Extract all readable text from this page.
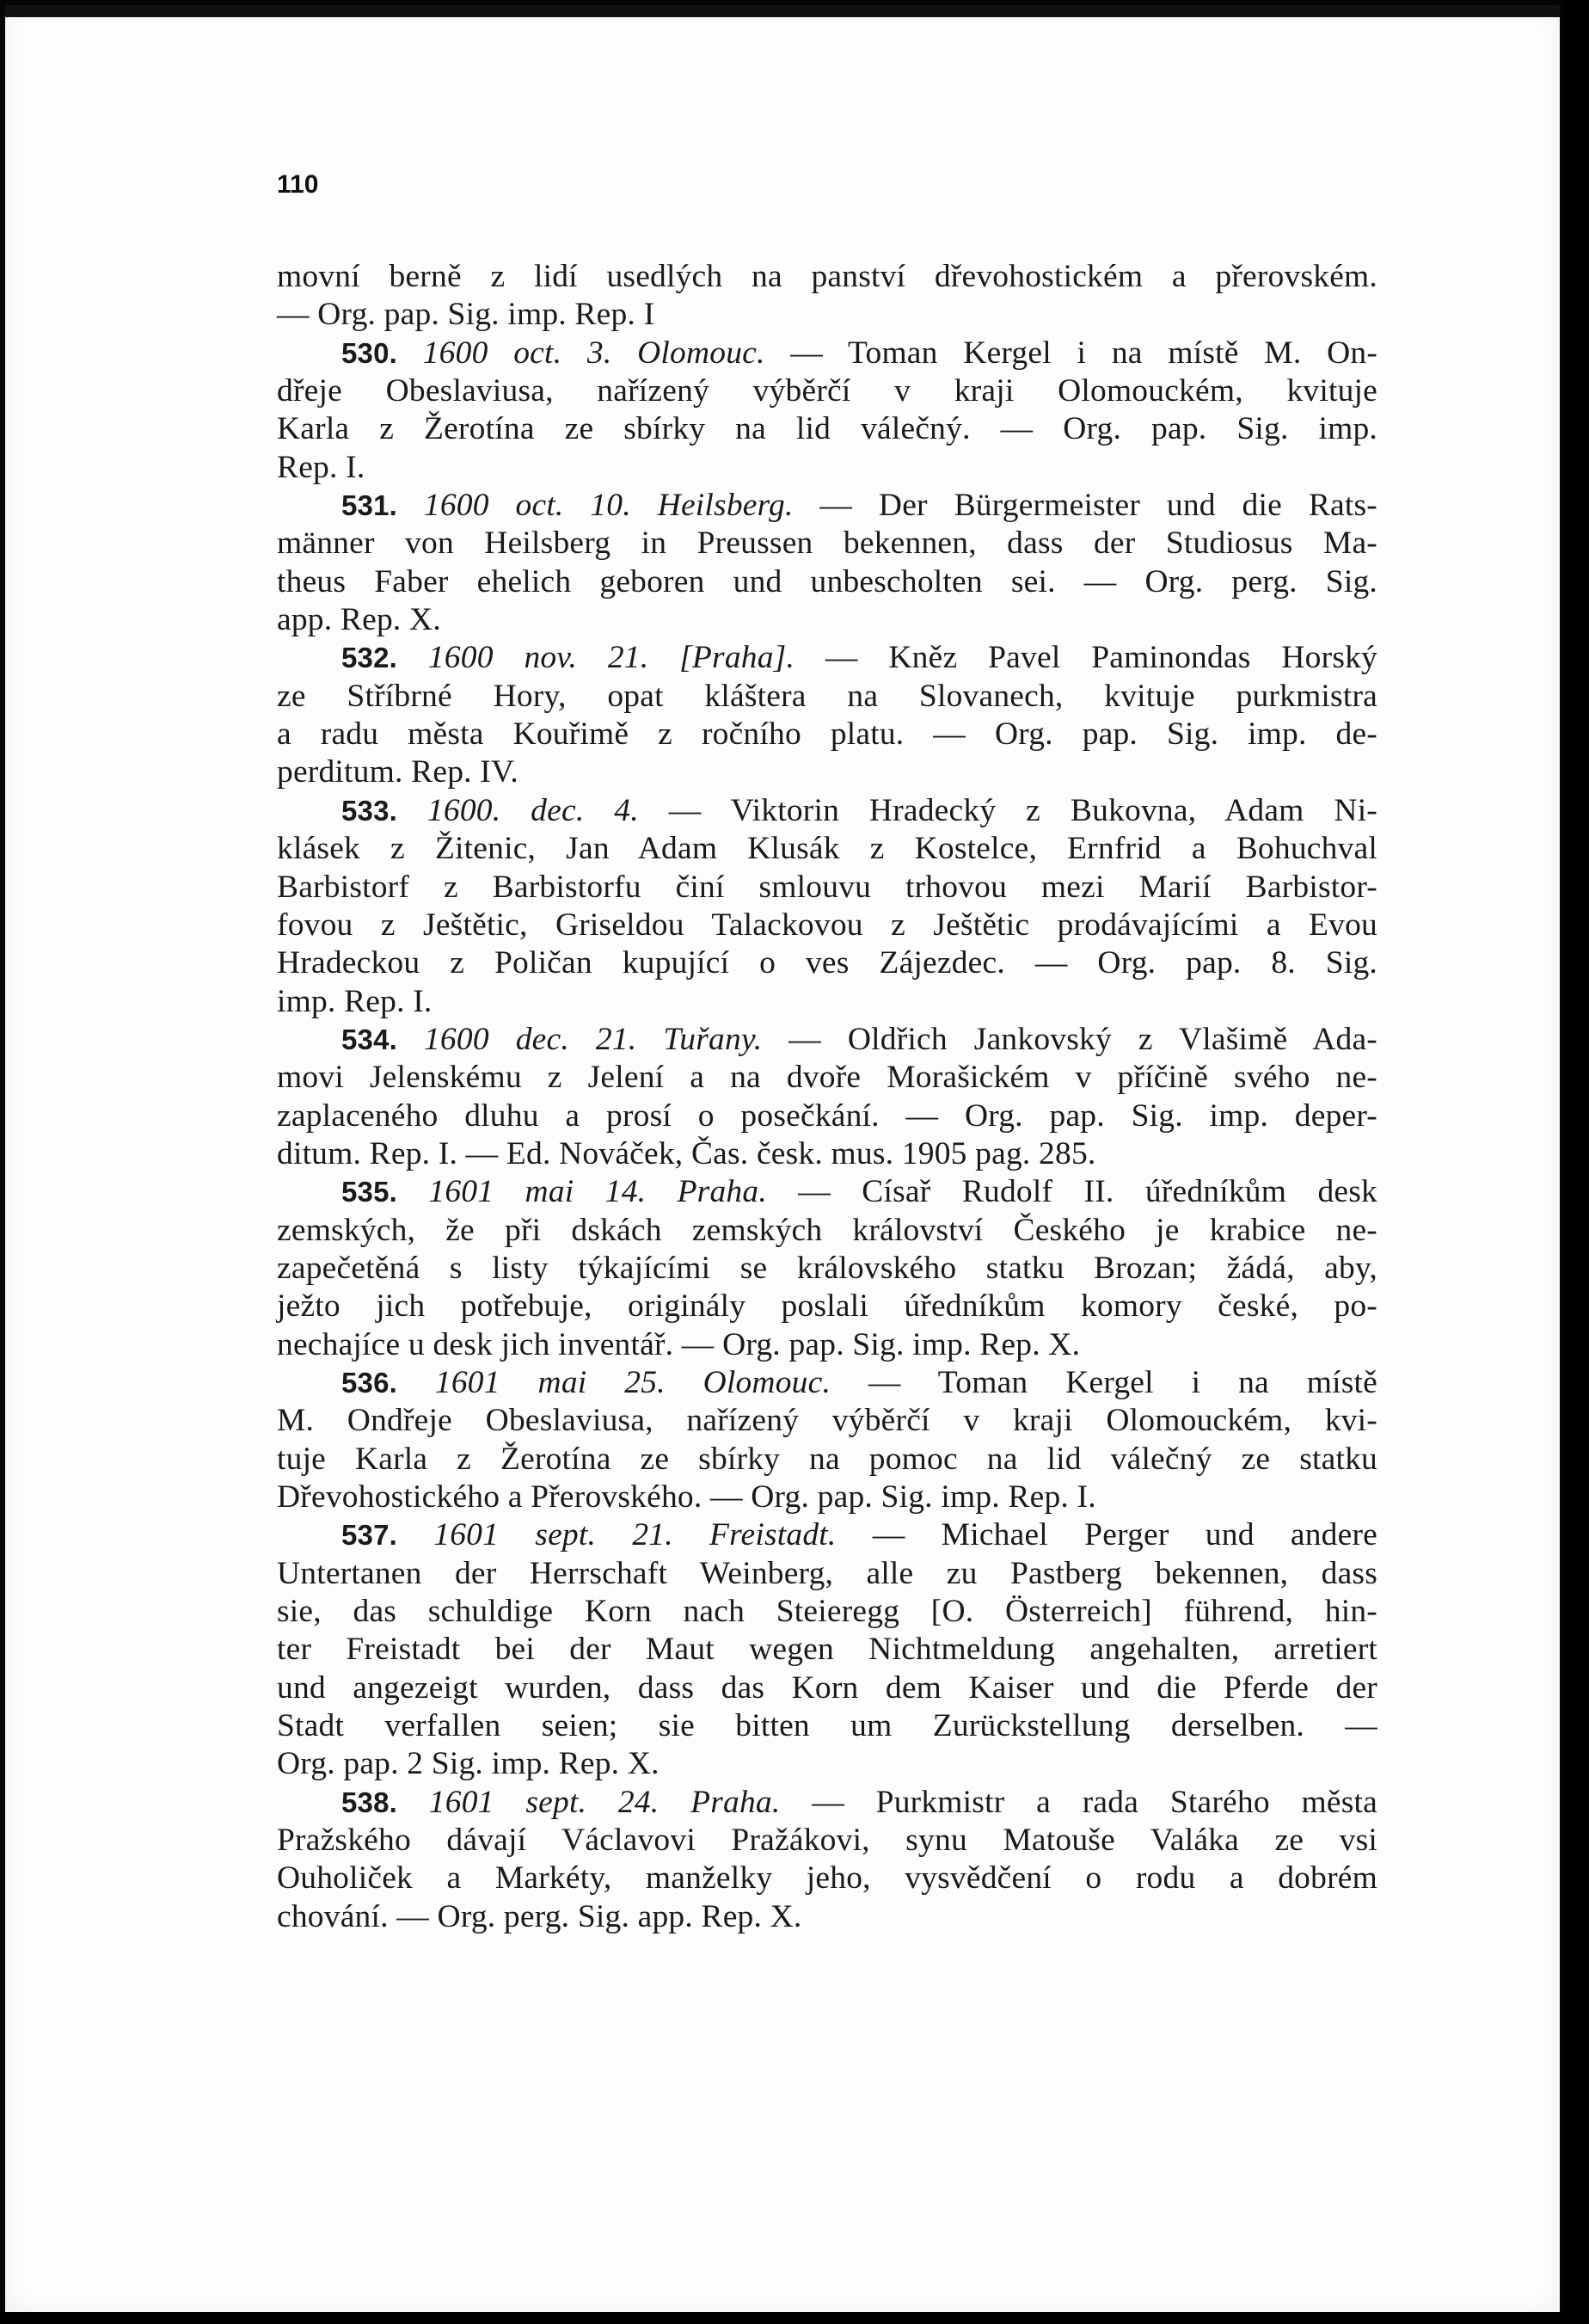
110
movní berně z lidí usedlých na panství dřevohostickém a přerovském.
— Org. pap. Sig. imp. Rep. I
530. 1600 oct. 3. Olomouc. — Toman Kergel i na místě M. On-
dřeje Obeslaviusa, nařízený výběrčí v kraji Olomouckém, kvituje
Karla z Žerotína ze sbírky na lid válečný. — Org. pap. Sig. imp.
Rep. I.
531. 1600 oct. 10. Heilsberg. — Der Bürgermeister und die Rats-
männer von Heilsberg in Preussen bekennen, dass der Studiosus Ma-
theus Faber ehelich geboren und unbescholten sei. — Org. perg. Sig.
app. Rep. X.
532. 1600 nov. 21. [Praha]. — Kněz Pavel Paminondas Horský
ze Stříbrné Hory, opat kláštera na Slovanech, kvituje purkmistra
a radu města Kouřimě z ročního platu. — Org. pap. Sig. imp. de-
perditum. Rep. IV.
533. 1600. dec. 4. — Viktorin Hradecký z Bukovna, Adam Ni-
klásek z Žitenic, Jan Adam Klusák z Kostelce, Ernfrid a Bohuchval
Barbistorf z Barbistorfu činí smlouvu trhovou mezi Marií Barbistor-
fovou z Ještětic, Griseldou Talackovou z Ještětic prodávajícími a Evou
Hradeckou z Poličan kupující o ves Zájezdec. — Org. pap. 8. Sig.
imp. Rep. I.
534. 1600 dec. 21. Tuřany. — Oldřich Jankovský z Vlašimě Ada-
movi Jelenskému z Jelení a na dvoře Morašickém v příčině svého ne-
zaplaceného dluhu a prosí o posečkání. — Org. pap. Sig. imp. deper-
ditum. Rep. I. — Ed. Nováček, Čas. česk. mus. 1905 pag. 285.
535. 1601 mai 14. Praha. — Císař Rudolf II. úředníkům desk
zemských, že při dskách zemských království Českého je krabice ne-
zapečetěná s listy týkajícími se královského statku Brozan; žádá, aby,
ježto jich potřebuje, originály poslali úředníkům komory české, po-
nechajíce u desk jich inventář. — Org. pap. Sig. imp. Rep. X.
536. 1601 mai 25. Olomouc. — Toman Kergel i na místě
M. Ondřeje Obeslaviusa, nařízený výběrčí v kraji Olomouckém, kvi-
tuje Karla z Žerotína ze sbírky na pomoc na lid válečný ze statku
Dřevohostického a Přerovského. — Org. pap. Sig. imp. Rep. I.
537. 1601 sept. 21. Freistadt. — Michael Perger und andere
Untertanen der Herrschaft Weinberg, alle zu Pastberg bekennen, dass
sie, das schuldige Korn nach Steieregg [O. Österreich] führend, hin-
ter Freistadt bei der Maut wegen Nichtmeldung angehalten, arretiert
und angezeigt wurden, dass das Korn dem Kaiser und die Pferde der
Stadt verfallen seien; sie bitten um Zurückstellung derselben. —
Org. pap. 2 Sig. imp. Rep. X.
538. 1601 sept. 24. Praha. — Purkmistr a rada Starého města
Pražského dávají Václavovi Pražákovi, synu Matouše Valáka ze vsi
Ouholiček a Markéty, manželky jeho, vysvědčení o rodu a dobrém
chování. — Org. perg. Sig. app. Rep. X.
